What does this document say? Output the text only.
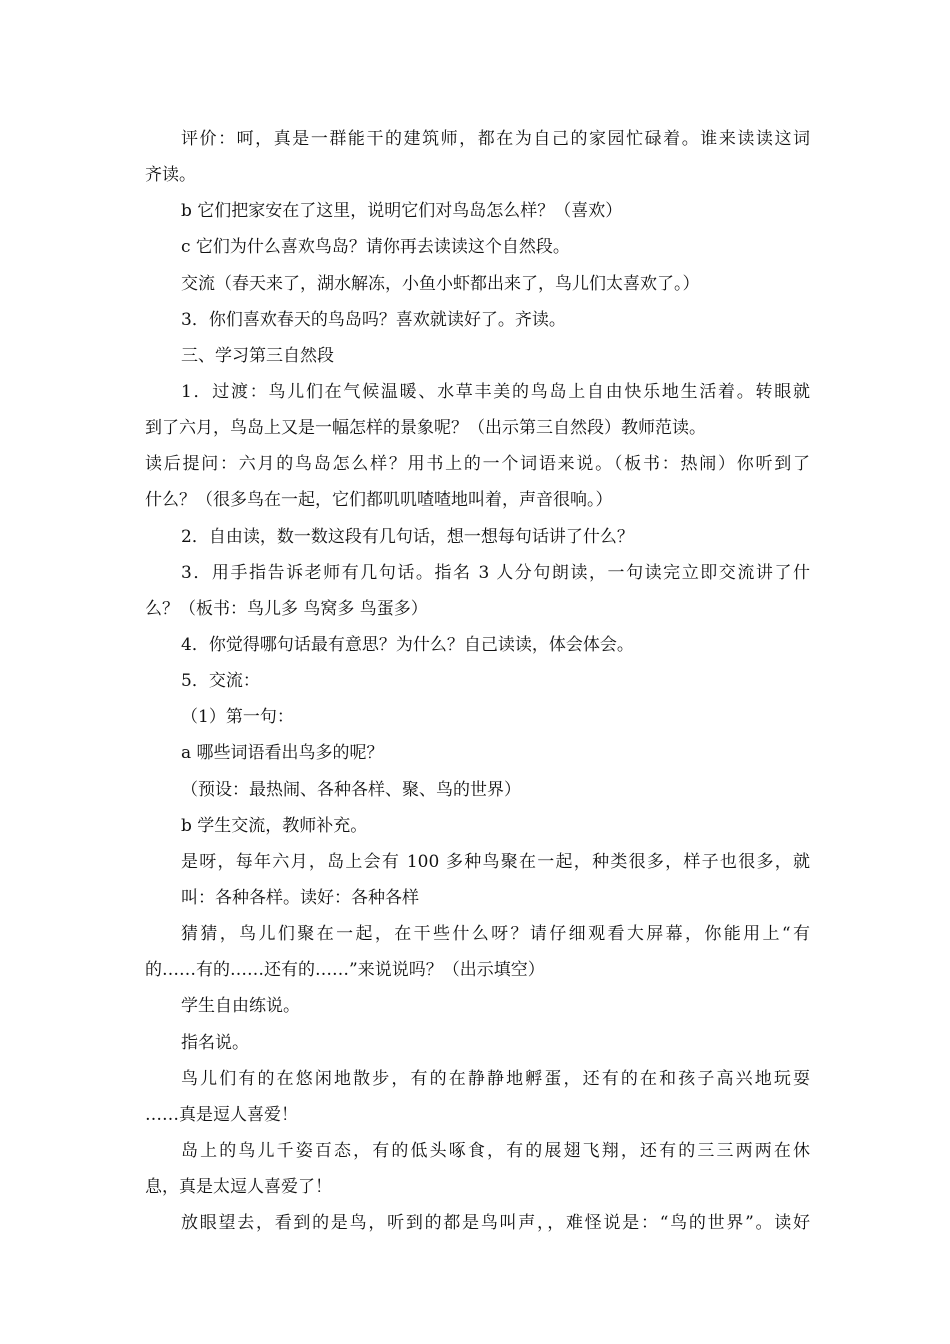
评价：呵，真是一群能干的建筑师，都在为自己的家园忙碌着。谁来读读这词
齐读。
b 它们把家安在了这里，说明它们对鸟岛怎么样？（喜欢）
c 它们为什么喜欢鸟岛？请你再去读读这个自然段。
交流（春天来了，湖水解冻，小鱼小虾都出来了，鸟儿们太喜欢了。）
3．你们喜欢春天的鸟岛吗？喜欢就读好了。齐读。
三、学习第三自然段
1．过渡：鸟儿们在气候温暖、水草丰美的鸟岛上自由快乐地生活着。转眼就
到了六月，鸟岛上又是一幅怎样的景象呢？（出示第三自然段）教师范读。
读后提问：六月的鸟岛怎么样？用书上的一个词语来说。（板书：热闹）你听到了
什么？（很多鸟在一起，它们都叽叽喳喳地叫着，声音很响。）
2．自由读，数一数这段有几句话，想一想每句话讲了什么？
3．用手指告诉老师有几句话。指名 3 人分句朗读，一句读完立即交流讲了什
么？（板书：鸟儿多 鸟窝多 鸟蛋多）
4．你觉得哪句话最有意思？为什么？自己读读，体会体会。
5．交流：
（1）第一句：
a 哪些词语看出鸟多的呢？
（预设：最热闹、各种各样、聚、鸟的世界）
b 学生交流，教师补充。
是呀，每年六月，岛上会有 100 多种鸟聚在一起，种类很多，样子也很多，就
叫：各种各样。读好：各种各样
猜猜，鸟儿们聚在一起，在干些什么呀？请仔细观看大屏幕，你能用上“有
的……有的……还有的……”来说说吗？（出示填空）
学生自由练说。
指名说。
鸟儿们有的在悠闲地散步，有的在静静地孵蛋，还有的在和孩子高兴地玩耍
……真是逗人喜爱！
岛上的鸟儿千姿百态，有的低头啄食，有的展翅飞翔，还有的三三两两在休
息，真是太逗人喜爱了！
放眼望去，看到的是鸟，听到的都是鸟叫声，，难怪说是：“鸟的世界”。读好
